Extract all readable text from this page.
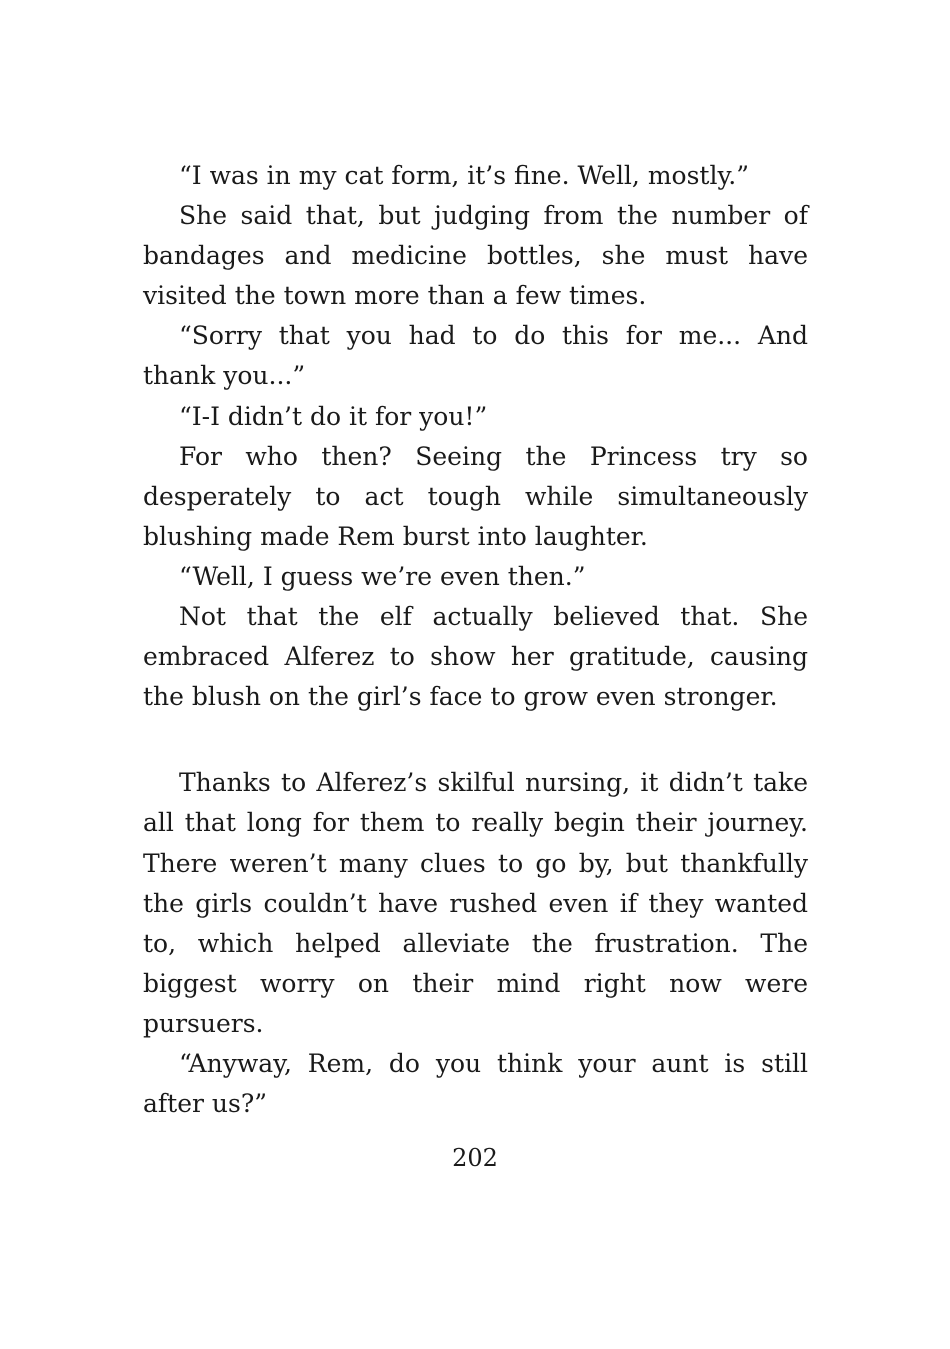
“I was in my cat form, it’s fine. Well, mostly.”

She said that, but judging from the number of bandages and medicine bottles, she must have visited the town more than a few times.

“Sorry that you had to do this for me... And thank you...”

“I-I didn’t do it for you!”

For who then? Seeing the Princess try so desperately to act tough while simultaneously blushing made Rem burst into laughter.

“Well, I guess we’re even then.”

Not that the elf actually believed that. She embraced Alferez to show her gratitude, causing the blush on the girl’s face to grow even stronger.

Thanks to Alferez’s skilful nursing, it didn’t take all that long for them to really begin their journey. There weren’t many clues to go by, but thankfully the girls couldn’t have rushed even if they wanted to, which helped alleviate the frustration. The biggest worry on their mind right now were pursuers.

“Anyway, Rem, do you think your aunt is still after us?”

202
